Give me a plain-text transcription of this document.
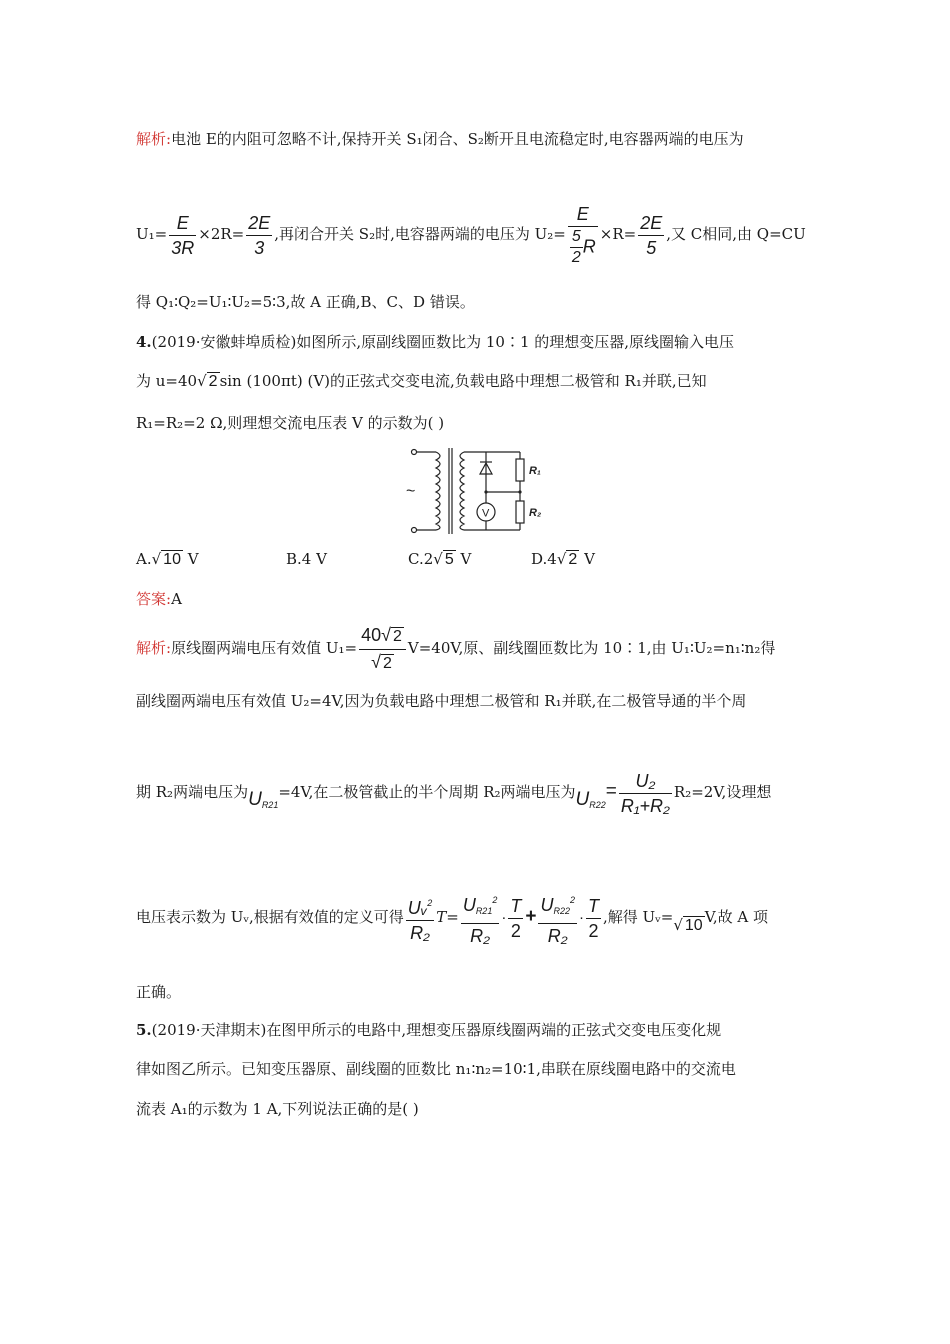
解析:电池 E的内阻可忽略不计,保持开关 S₁闭合、S₂断开且电流稳定时,电容器两端的电压为
$U_1= \frac{E}{3R} \times 2R= \frac{2E}{3}$ ,再闭合开关 S₂时,电容器两端的电压为 $U_2= \frac{E}{\frac{5}{2} R} \times R= \frac{2E}{5}$ ,又 C相同,由 Q=CU
得 Q₁∶Q₂=U₁∶U₂=5∶3,故 A 正确,B、C、D 错误。
4.(2019·安徽蚌埠质检)如图所示,原副线圈匝数比为 10∶1 的理想变压器,原线圈输入电压
为 u=40√ 2 sin (100πt) (V)的正弦式交变电流,负载电路中理想二极管和 R₁并联,已知
R₁=R₂=2 Ω,则理想交流电压表 V 的示数为( )
~
V
R₁
R₂
A.√ 10 V	B.4 V	C.2√ 5 V	D.4√ 2 V
答案:A
解析:原线圈两端电压有效值 $U_1= \frac{40√ 2}{√ 2} V=40V$,原、副线圈匝数比为 10∶1,由 U₁∶U₂=n₁∶n₂得
副线圈两端电压有效值 U₂=4V,因为负载电路中理想二极管和 R₁并联,在二极管导通的半个周
期 R₂两端电压为$U_{R21}=4V$,在二极管截止的半个周期 R₂两端电压为$U_{R22}= \frac{\text{U₂}}{\text{R₁+R₂}} R_2=2V$,设理想
电压表示数为 Uᵥ,根据有效值的定义可得 $\frac{Uᵥ^2}{\text{R₂}} T= \frac{U_{R21}^2}{\text{R₂}} \cdot \frac{T}{2} + \frac{U_{R22}^2}{\text{R₂}} \cdot \frac{T}{2}$ ,解得 Uᵥ=√ 10 V,故 A 项
正确。
5.(2019·天津期末)在图甲所示的电路中,理想变压器原线圈两端的正弦式交变电压变化规
律如图乙所示。已知变压器原、副线圈的匝数比 n₁∶n₂=10∶1,串联在原线圈电路中的交流电
流表 A₁的示数为 1 A,下列说法正确的是( )
